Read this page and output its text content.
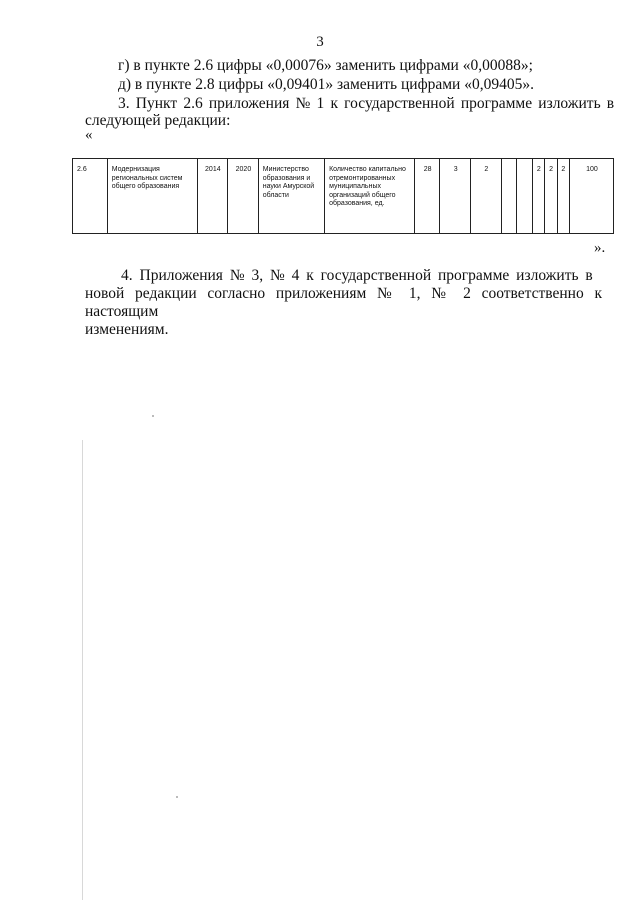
3
г) в пункте 2.6 цифры «0,00076» заменить цифрами «0,00088»;
д) в пункте 2.8 цифры «0,09401» заменить цифрами «0,09405».
3. Пункт 2.6 приложения № 1 к государственной программе изложить в
следующей редакции:
«
2.6	Модернизация региональных систем общего образования	2014	2020	Министерство образования и науки Амурской области	Количество капитально отремонтированных муниципальных организаций общего образования, ед.	28	3	2			2	2	2	100
».
4. Приложения № 3, № 4 к государственной программе изложить в
новой редакции согласно приложениям № 1, № 2 соответственно к настоящим
изменениям.
